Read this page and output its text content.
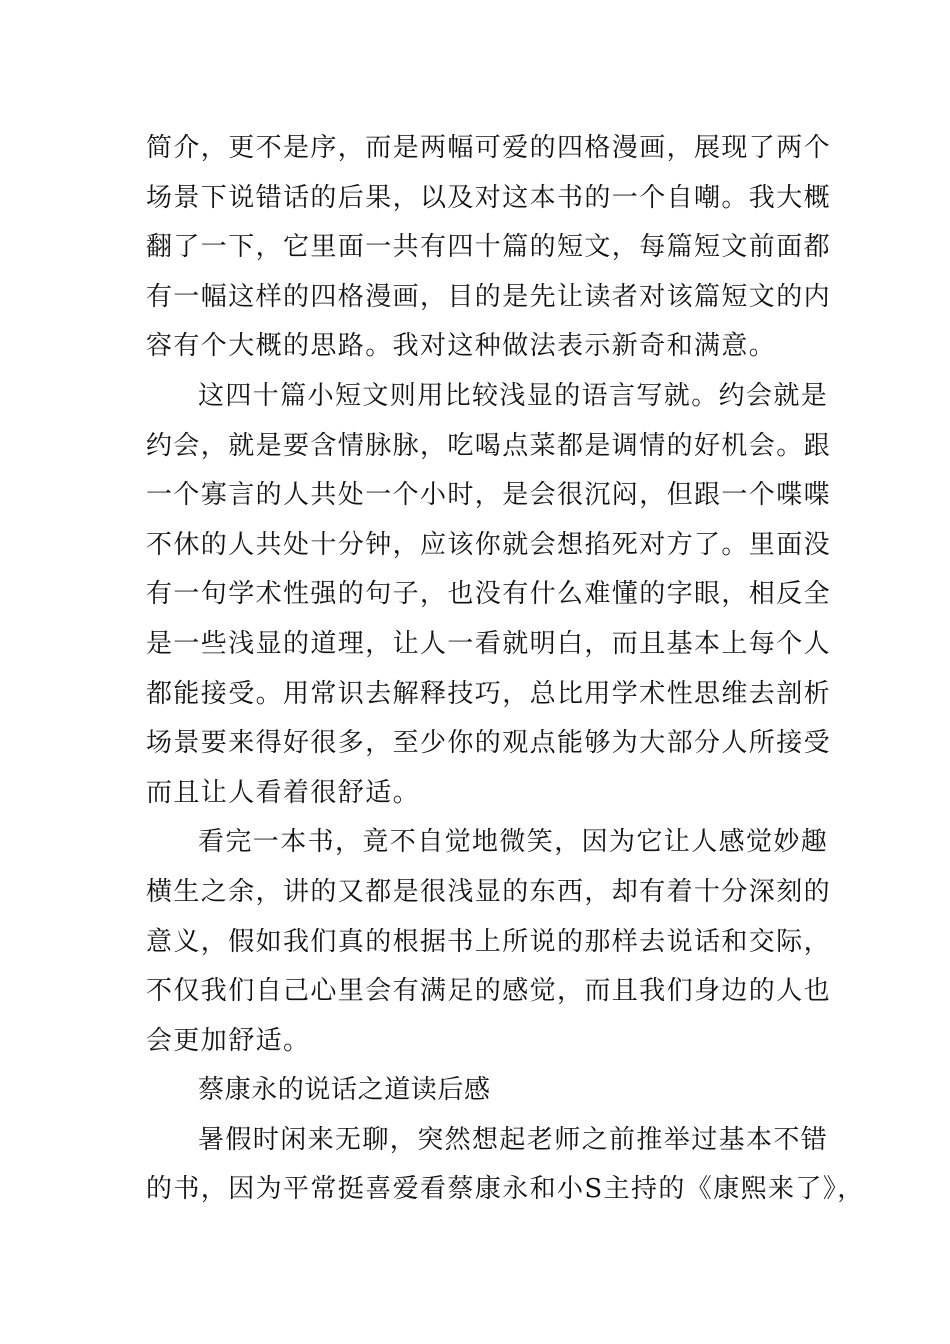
简介，更不是序，而是两幅可爱的四格漫画，展现了两个
场景下说错话的后果，以及对这本书的一个自嘲。我大概
翻了一下，它里面一共有四十篇的短文，每篇短文前面都
有一幅这样的四格漫画，目的是先让读者对该篇短文的内
容有个大概的思路。我对这种做法表示新奇和满意。
这四十篇小短文则用比较浅显的语言写就。约会就是
约会，就是要含情脉脉，吃喝点菜都是调情的好机会。跟
一个寡言的人共处一个小时，是会很沉闷，但跟一个喋喋
不休的人共处十分钟，应该你就会想掐死对方了。里面没
有一句学术性强的句子，也没有什么难懂的字眼，相反全
是一些浅显的道理，让人一看就明白，而且基本上每个人
都能接受。用常识去解释技巧，总比用学术性思维去剖析
场景要来得好很多，至少你的观点能够为大部分人所接受
而且让人看着很舒适。
看完一本书，竟不自觉地微笑，因为它让人感觉妙趣
横生之余，讲的又都是很浅显的东西，却有着十分深刻的
意义，假如我们真的根据书上所说的那样去说话和交际，
不仅我们自己心里会有满足的感觉，而且我们身边的人也
会更加舒适。
蔡康永的说话之道读后感
暑假时闲来无聊，突然想起老师之前推举过基本不错
的书，因为平常挺喜爱看蔡康永和小S主持的《康熙来了》，
